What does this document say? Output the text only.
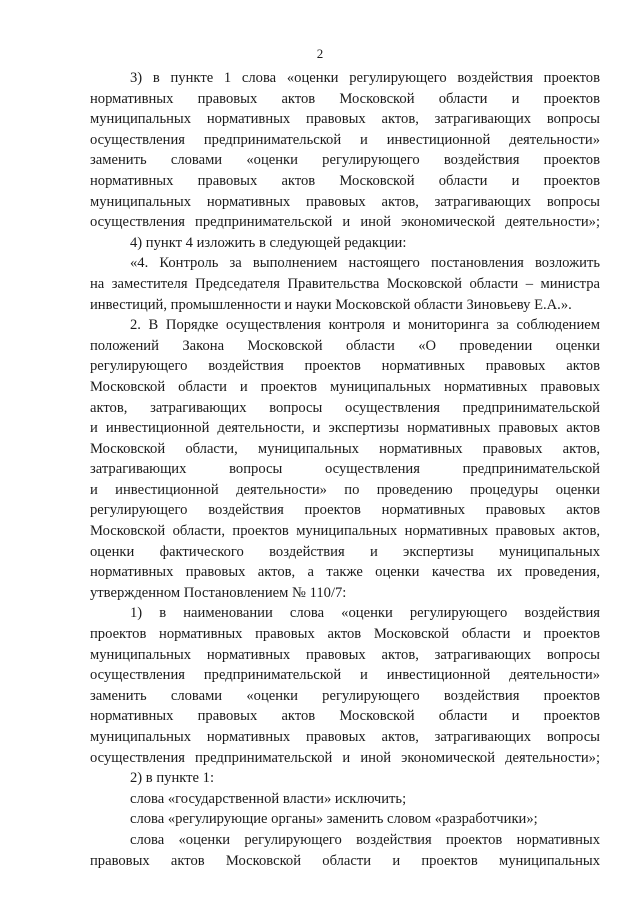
2
3) в пункте 1 слова «оценки регулирующего воздействия проектов
нормативных правовых актов Московской области и проектов
муниципальных нормативных правовых актов, затрагивающих вопросы
осуществления предпринимательской и инвестиционной деятельности»
заменить словами «оценки регулирующего воздействия проектов
нормативных правовых актов Московской области и проектов
муниципальных нормативных правовых актов, затрагивающих вопросы
осуществления предпринимательской и иной экономической деятельности»;
4) пункт 4 изложить в следующей редакции:
«4. Контроль за выполнением настоящего постановления возложить
на заместителя Председателя Правительства Московской области – министра
инвестиций, промышленности и науки Московской области Зиновьеву Е.А.».
2. В Порядке осуществления контроля и мониторинга за соблюдением
положений Закона Московской области «О проведении оценки
регулирующего воздействия проектов нормативных правовых актов
Московской области и проектов муниципальных нормативных правовых
актов, затрагивающих вопросы осуществления предпринимательской
и инвестиционной деятельности, и экспертизы нормативных правовых актов
Московской области, муниципальных нормативных правовых актов,
затрагивающих вопросы осуществления предпринимательской
и инвестиционной деятельности» по проведению процедуры оценки
регулирующего воздействия проектов нормативных правовых актов
Московской области, проектов муниципальных нормативных правовых актов,
оценки фактического воздействия и экспертизы муниципальных
нормативных правовых актов, а также оценки качества их проведения,
утвержденном Постановлением № 110/7:
1) в наименовании слова «оценки регулирующего воздействия
проектов нормативных правовых актов Московской области и проектов
муниципальных нормативных правовых актов, затрагивающих вопросы
осуществления предпринимательской и инвестиционной деятельности»
заменить словами «оценки регулирующего воздействия проектов
нормативных правовых актов Московской области и проектов
муниципальных нормативных правовых актов, затрагивающих вопросы
осуществления предпринимательской и иной экономической деятельности»;
2) в пункте 1:
слова «государственной власти» исключить;
слова «регулирующие органы» заменить словом «разработчики»;
слова «оценки регулирующего воздействия проектов нормативных
правовых актов Московской области и проектов муниципальных
